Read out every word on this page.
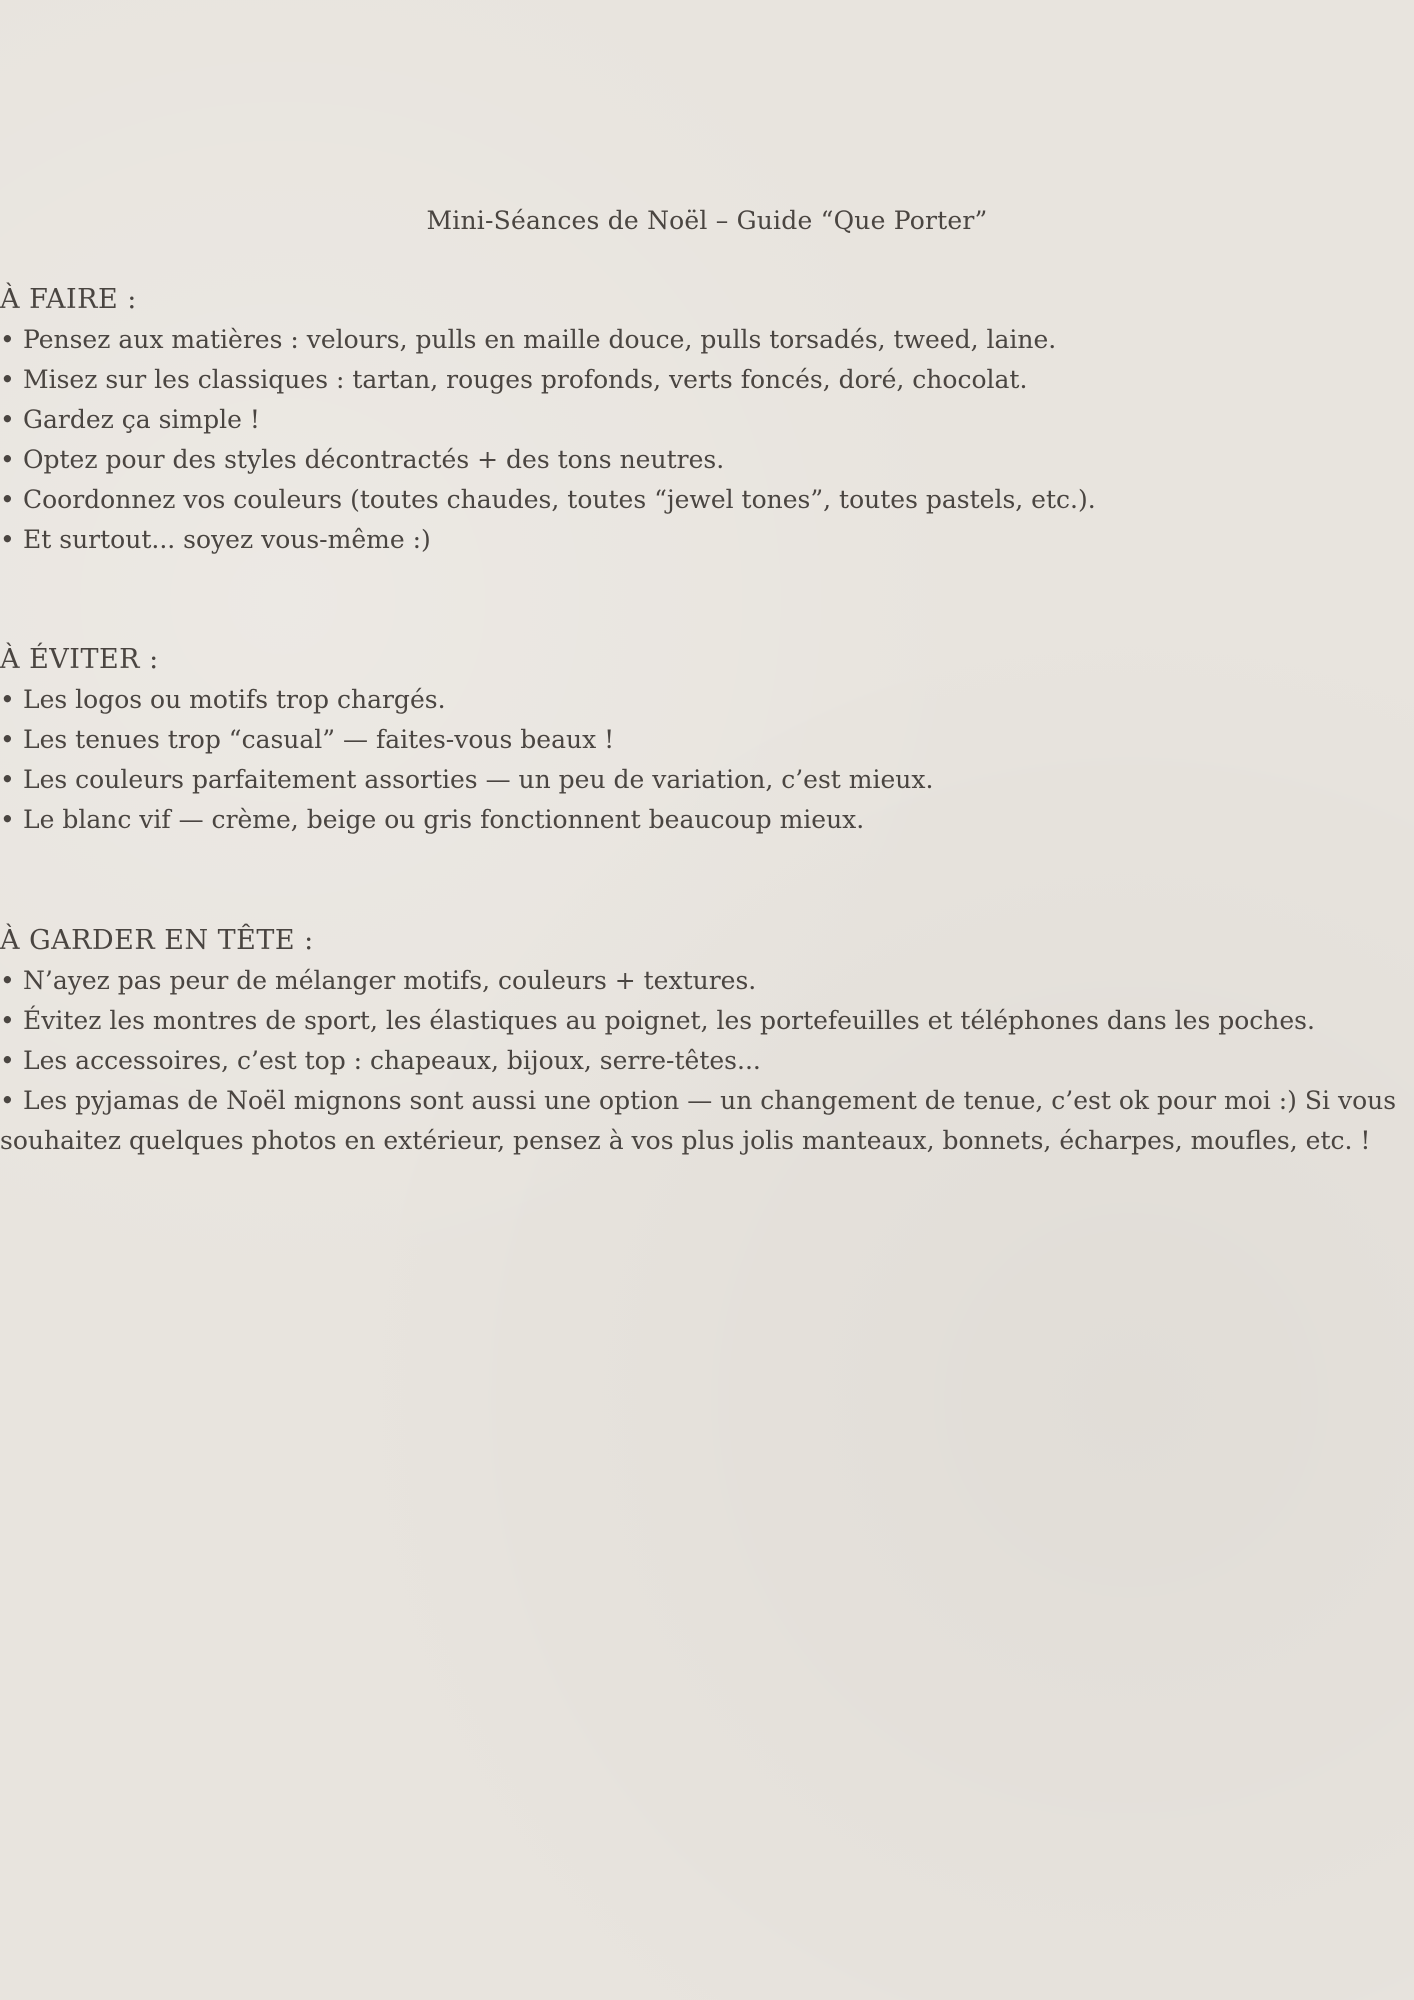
Mini-Séances de Noël – Guide “Que Porter”
À FAIRE :
• Pensez aux matières : velours, pulls en maille douce, pulls torsadés, tweed, laine.
• Misez sur les classiques : tartan, rouges profonds, verts foncés, doré, chocolat.
• Gardez ça simple !
• Optez pour des styles décontractés + des tons neutres.
• Coordonnez vos couleurs (toutes chaudes, toutes “jewel tones”, toutes pastels, etc.).
• Et surtout... soyez vous-même :)
À ÉVITER :
• Les logos ou motifs trop chargés.
• Les tenues trop “casual” — faites-vous beaux !
• Les couleurs parfaitement assorties — un peu de variation, c’est mieux.
• Le blanc vif — crème, beige ou gris fonctionnent beaucoup mieux.
À GARDER EN TÊTE :
• N’ayez pas peur de mélanger motifs, couleurs + textures.
• Évitez les montres de sport, les élastiques au poignet, les portefeuilles et téléphones dans les poches.
• Les accessoires, c’est top : chapeaux, bijoux, serre-têtes...
• Les pyjamas de Noël mignons sont aussi une option — un changement de tenue, c’est ok pour moi :) Si vous souhaitez quelques photos en extérieur, pensez à vos plus jolis manteaux, bonnets, écharpes, moufles, etc. !
